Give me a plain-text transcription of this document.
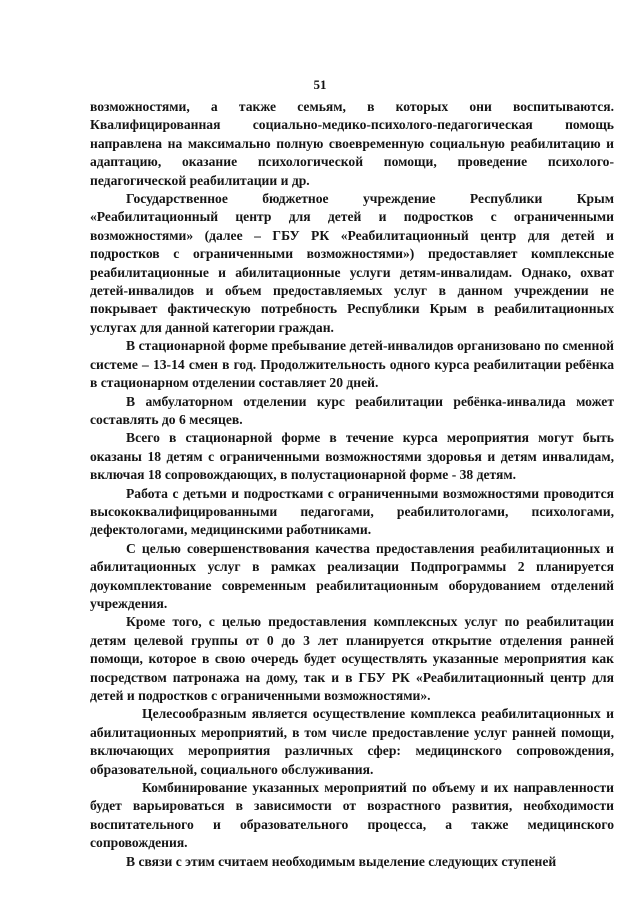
51

возможностями, а также семьям, в которых они воспитываются. Квалифицированная социально-медико-психолого-педагогическая помощь направлена на максимально полную своевременную социальную реабилитацию и адаптацию, оказание психологической помощи, проведение психолого-педагогической реабилитации и др.

Государственное бюджетное учреждение Республики Крым «Реабилитационный центр для детей и подростков с ограниченными возможностями» (далее – ГБУ РК «Реабилитационный центр для детей и подростков с ограниченными возможностями») предоставляет комплексные реабилитационные и абилитационные услуги детям-инвалидам. Однако, охват детей-инвалидов и объем предоставляемых услуг в данном учреждении не покрывает фактическую потребность Республики Крым в реабилитационных услугах для данной категории граждан.

В стационарной форме пребывание детей-инвалидов организовано по сменной системе – 13-14 смен в год. Продолжительность одного курса реабилитации ребёнка в стационарном отделении составляет 20 дней.

В амбулаторном отделении курс реабилитации ребёнка-инвалида может составлять до 6 месяцев.

Всего в стационарной форме в течение курса мероприятия могут быть оказаны 18 детям с ограниченными возможностями здоровья и детям инвалидам, включая 18 сопровождающих, в полустационарной форме - 38 детям.

Работа с детьми и подростками с ограниченными возможностями проводится высококвалифицированными педагогами, реабилитологами, психологами, дефектологами, медицинскими работниками.

С целью совершенствования качества предоставления реабилитационных и абилитационных услуг в рамках реализации Подпрограммы 2 планируется доукомплектование современным реабилитационным оборудованием отделений учреждения.

Кроме того, с целью предоставления комплексных услуг по реабилитации детям целевой группы от 0 до 3 лет планируется открытие отделения ранней помощи, которое в свою очередь будет осуществлять указанные мероприятия как посредством патронажа на дому, так и в ГБУ РК «Реабилитационный центр для детей и подростков с ограниченными возможностями».

Целесообразным является осуществление комплекса реабилитационных и абилитационных мероприятий, в том числе предоставление услуг ранней помощи, включающих мероприятия различных сфер: медицинского сопровождения, образовательной, социального обслуживания.

Комбинирование указанных мероприятий по объему и их направленности будет варьироваться в зависимости от возрастного развития, необходимости воспитательного и образовательного процесса, а также медицинского сопровождения.

В связи с этим считаем необходимым выделение следующих ступеней
